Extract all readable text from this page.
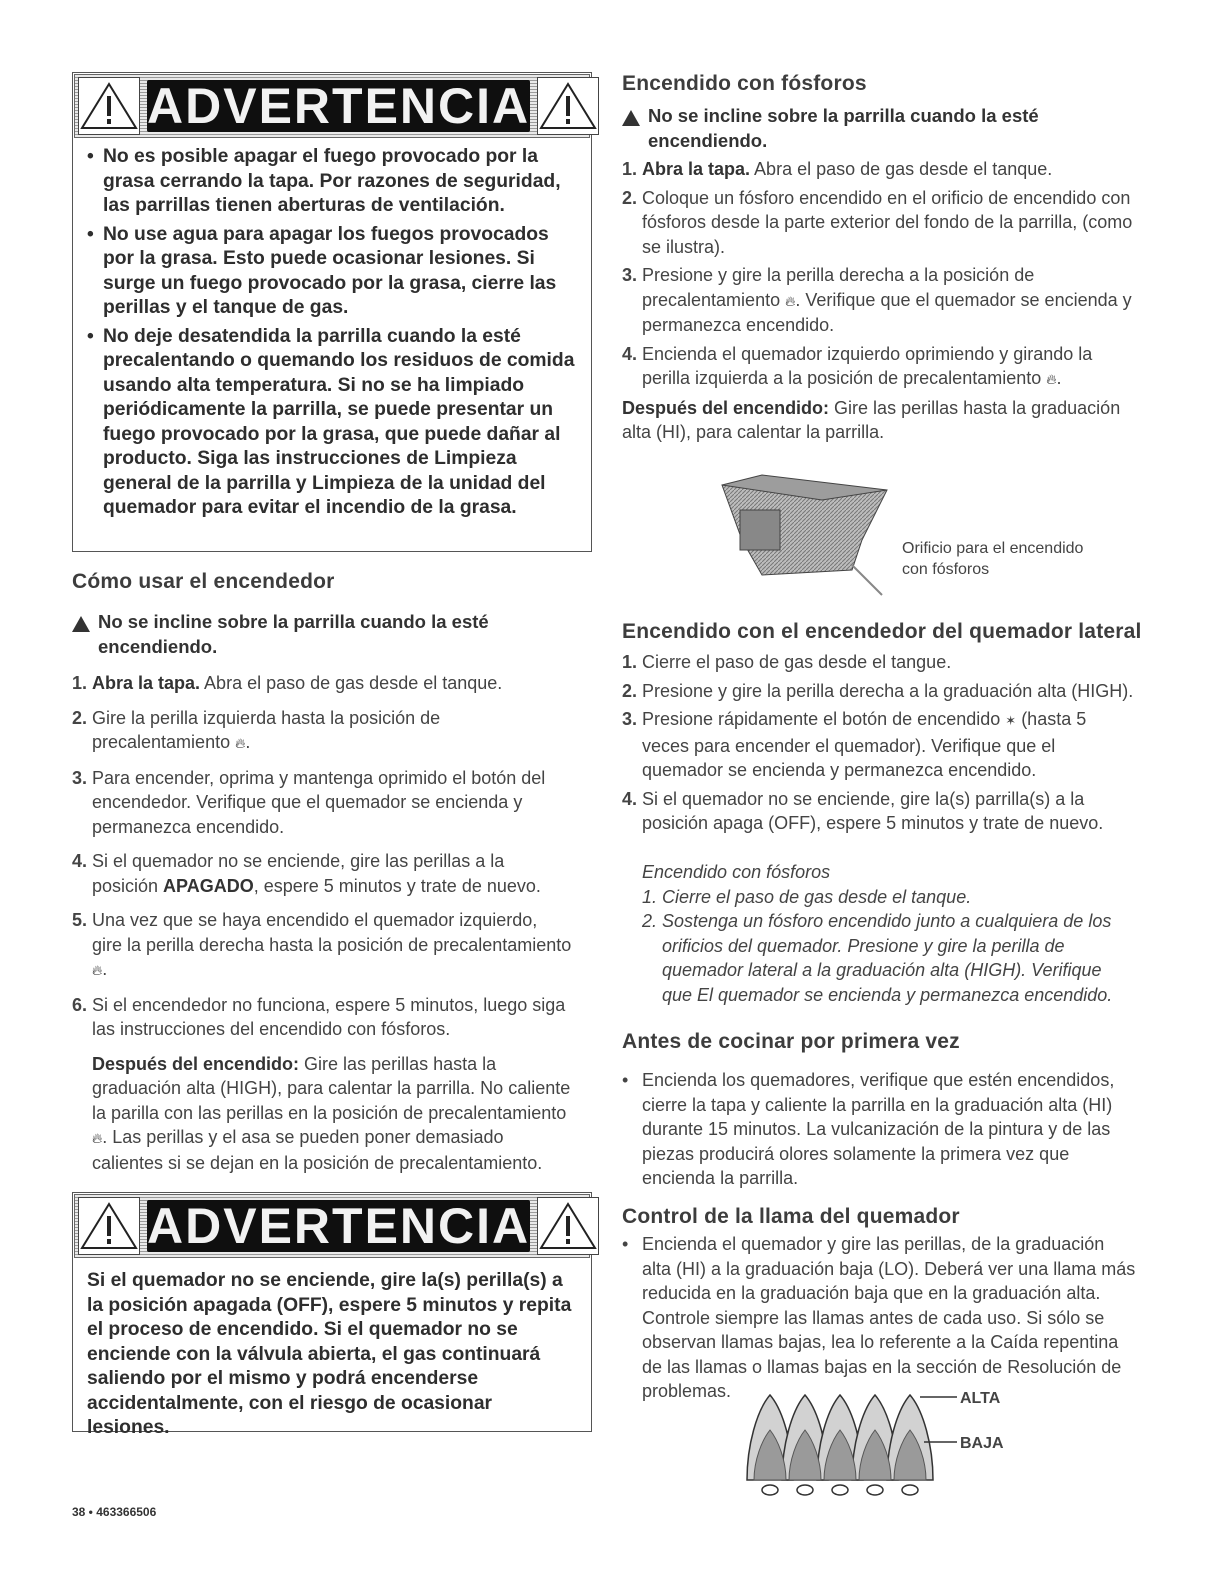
ADVERTENCIA
• No es posible apagar el fuego provocado por la grasa cerrando la tapa. Por razones de seguridad, las parrillas tienen aberturas de ventilación.
• No use agua para apagar los fuegos provocados por la grasa. Esto puede ocasionar lesiones. Si surge un fuego provocado por la grasa, cierre las perillas y el tanque de gas.
• No deje desatendida la parrilla cuando la esté precalentando o quemando los residuos de comida usando alta temperatura. Si no se ha limpiado periódicamente la parrilla, se puede presentar un fuego provocado por la grasa, que puede dañar al producto. Siga las instrucciones de Limpieza general de la parrilla y Limpieza de la unidad del quemador para evitar el incendio de la grasa.
Cómo usar el encendedor
No se incline sobre la parrilla cuando la esté encendiendo.
1. Abra la tapa. Abra el paso de gas desde el tanque.
2. Gire la perilla izquierda hasta la posición de precalentamiento 🔥︎.
3. Para encender, oprima y mantenga oprimido el botón del encendedor. Verifique que el quemador se encienda y permanezca encendido.
4. Si el quemador no se enciende, gire las perillas a la posición APAGADO, espere 5 minutos y trate de nuevo.
5. Una vez que se haya encendido el quemador izquierdo, gire la perilla derecha hasta la posición de precalentamiento 🔥︎.
6. Si el encendedor no funciona, espere 5 minutos, luego siga las instrucciones del encendido con fósforos.
Después del encendido: Gire las perillas hasta la graduación alta (HIGH), para calentar la parrilla. No caliente la parilla con las perillas en la posición de precalentamiento 🔥︎. Las perillas y el asa se pueden poner demasiado calientes si se dejan en la posición de precalentamiento.
ADVERTENCIA
Si el quemador no se enciende, gire la(s) perilla(s) a la posición apagada (OFF), espere 5 minutos y repita el proceso de encendido. Si el quemador no se enciende con la válvula abierta, el gas continuará saliendo por el mismo y podrá encenderse accidentalmente, con el riesgo de ocasionar lesiones.
38 • 463366506
Encendido con fósforos
No se incline sobre la parrilla cuando la esté encendiendo.
1. Abra la tapa. Abra el paso de gas desde el tanque.
2. Coloque un fósforo encendido en el orificio de encendido con fósforos desde la parte exterior del fondo de la parrilla, (como se ilustra).
3. Presione y gire la perilla derecha a la posición de precalentamiento 🔥︎. Verifique que el quemador se encienda y permanezca encendido.
4. Encienda el quemador izquierdo oprimiendo y girando la perilla izquierda a la posición de precalentamiento 🔥︎.
Después del encendido: Gire las perillas hasta la graduación alta (HI), para calentar la parrilla.
Orificio para el encendido con fósforos
Encendido con el encendedor del quemador lateral
1. Cierre el paso de gas desde el tangue.
2. Presione y gire la perilla derecha a la graduación alta (HIGH).
3. Presione rápidamente el botón de encendido ✶ (hasta 5 veces para encender el quemador). Verifique que el quemador se encienda y permanezca encendido.
4. Si el quemador no se enciende, gire la(s) parrilla(s) a la posición apaga (OFF), espere 5 minutos y trate de nuevo.
Encendido con fósforos
1. Cierre el paso de gas desde el tanque.
2. Sostenga un fósforo encendido junto a cualquiera de los orificios del quemador. Presione y gire la perilla de quemador lateral a la graduación alta (HIGH). Verifique que El quemador se encienda y permanezca encendido.
Antes de cocinar por primera vez
• Encienda los quemadores, verifique que estén encendidos, cierre la tapa y caliente la parrilla en la graduación alta (HI) durante 15 minutos. La vulcanización de la pintura y de las piezas producirá olores solamente la primera vez que encienda la parrilla.
Control de la llama del quemador
• Encienda el quemador y gire las perillas, de la graduación alta (HI) a la graduación baja (LO). Deberá ver una llama más reducida en la graduación baja que en la graduación alta. Controle siempre las llamas antes de cada uso. Si sólo se observan llamas bajas, lea lo referente a la Caída repentina de las llamas o llamas bajas en la sección de Resolución de problemas.	ALTA
BAJA
